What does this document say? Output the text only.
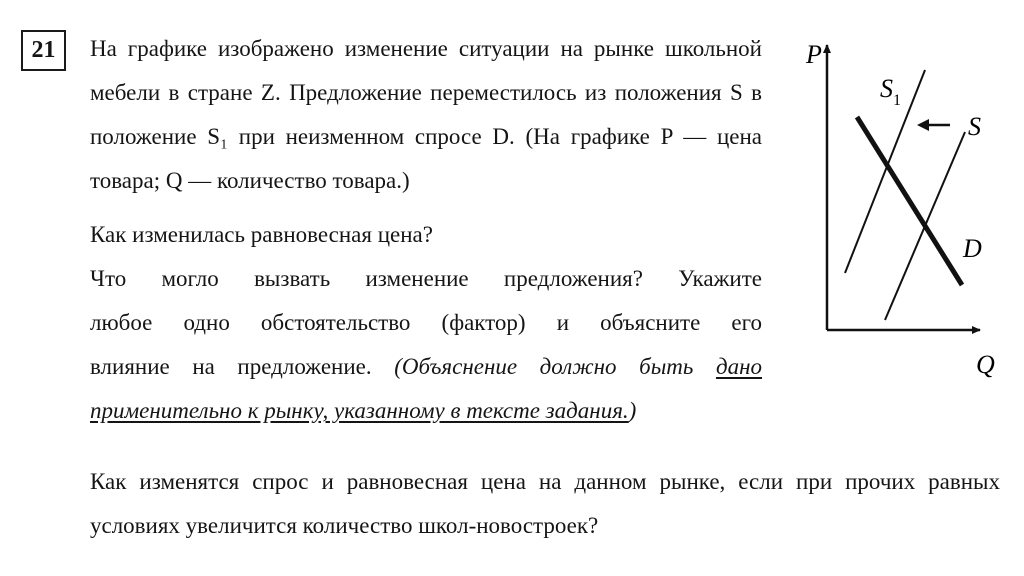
21 На графике изображено изменение ситуации на рынке школьной мебели в стране Z. Предложение переместилось из положения S в положение S₁ при неизменном спросе D. (На графике P — цена товара; Q — количество товара.)

Как изменилась равновесная цена?

Что могло вызвать изменение предложения? Укажите
любое одно обстоятельство (фактор) и объясните его
влияние на предложение. (Объяснение должно быть дано
применительно к рынку, указанному в тексте задания.)

Как изменятся спрос и равновесная цена на данном рынке, если при прочих равных условиях увеличится количество школ-новостроек?

P
Q
$S_1$
S
D
